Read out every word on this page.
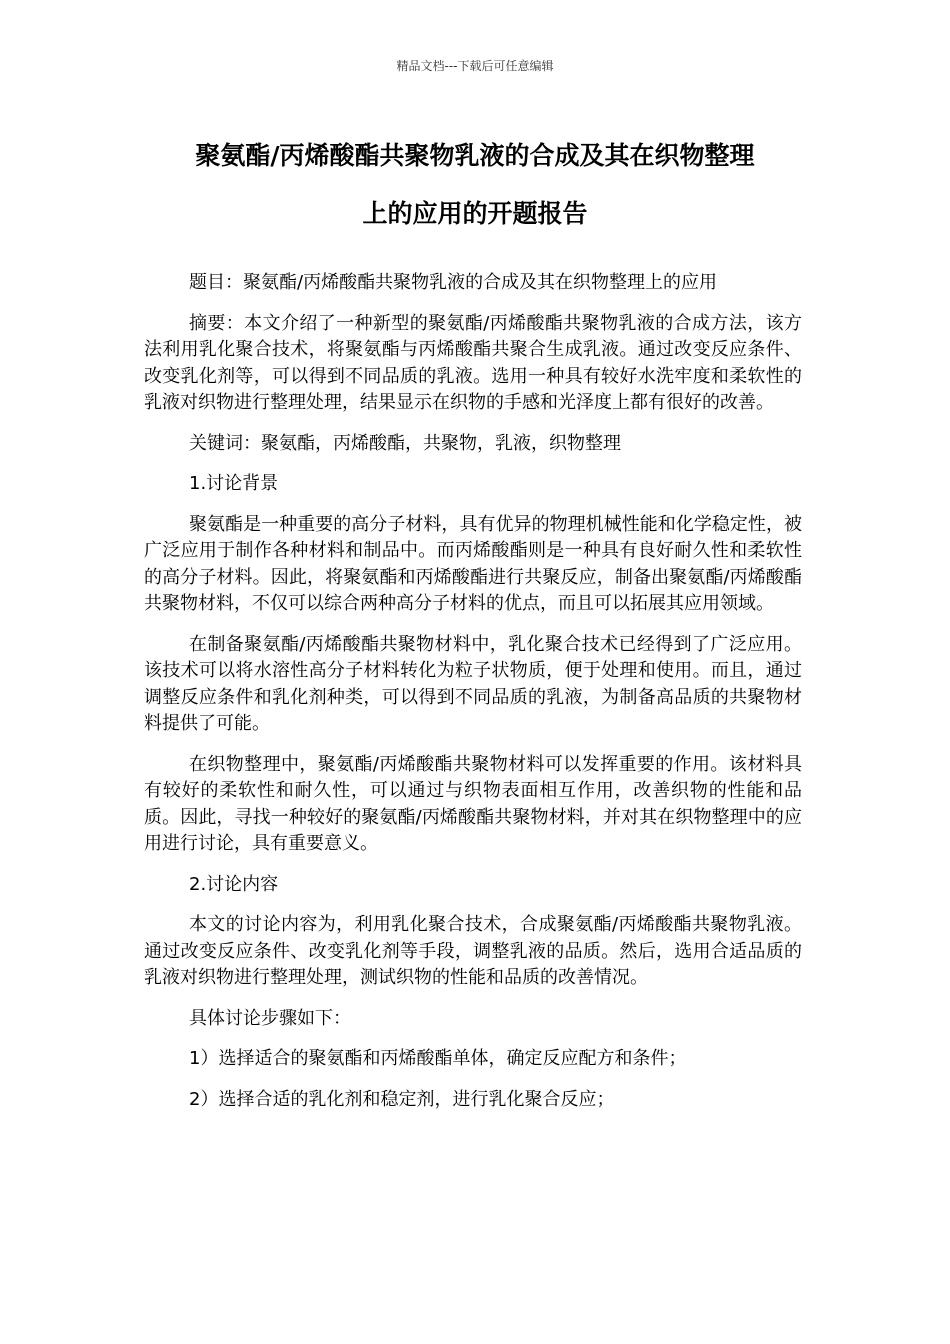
精品文档---下载后可任意编辑
聚氨酯/丙烯酸酯共聚物乳液的合成及其在织物整理
上的应用的开题报告

题目：聚氨酯/丙烯酸酯共聚物乳液的合成及其在织物整理上的应用

摘要：本文介绍了一种新型的聚氨酯/丙烯酸酯共聚物乳液的合成方法，该方法利用乳化聚合技术，将聚氨酯与丙烯酸酯共聚合生成乳液。通过改变反应条件、改变乳化剂等，可以得到不同品质的乳液。选用一种具有较好水洗牢度和柔软性的乳液对织物进行整理处理，结果显示在织物的手感和光泽度上都有很好的改善。

关键词：聚氨酯，丙烯酸酯，共聚物，乳液，织物整理

1.讨论背景

聚氨酯是一种重要的高分子材料，具有优异的物理机械性能和化学稳定性，被广泛应用于制作各种材料和制品中。而丙烯酸酯则是一种具有良好耐久性和柔软性的高分子材料。因此，将聚氨酯和丙烯酸酯进行共聚反应，制备出聚氨酯/丙烯酸酯共聚物材料，不仅可以综合两种高分子材料的优点，而且可以拓展其应用领域。

在制备聚氨酯/丙烯酸酯共聚物材料中，乳化聚合技术已经得到了广泛应用。该技术可以将水溶性高分子材料转化为粒子状物质，便于处理和使用。而且，通过调整反应条件和乳化剂种类，可以得到不同品质的乳液，为制备高品质的共聚物材料提供了可能。

在织物整理中，聚氨酯/丙烯酸酯共聚物材料可以发挥重要的作用。该材料具有较好的柔软性和耐久性，可以通过与织物表面相互作用，改善织物的性能和品质。因此，寻找一种较好的聚氨酯/丙烯酸酯共聚物材料，并对其在织物整理中的应用进行讨论，具有重要意义。

2.讨论内容

本文的讨论内容为，利用乳化聚合技术，合成聚氨酯/丙烯酸酯共聚物乳液。通过改变反应条件、改变乳化剂等手段，调整乳液的品质。然后，选用合适品质的乳液对织物进行整理处理，测试织物的性能和品质的改善情况。

具体讨论步骤如下：

1）选择适合的聚氨酯和丙烯酸酯单体，确定反应配方和条件；

2）选择合适的乳化剂和稳定剂，进行乳化聚合反应；
